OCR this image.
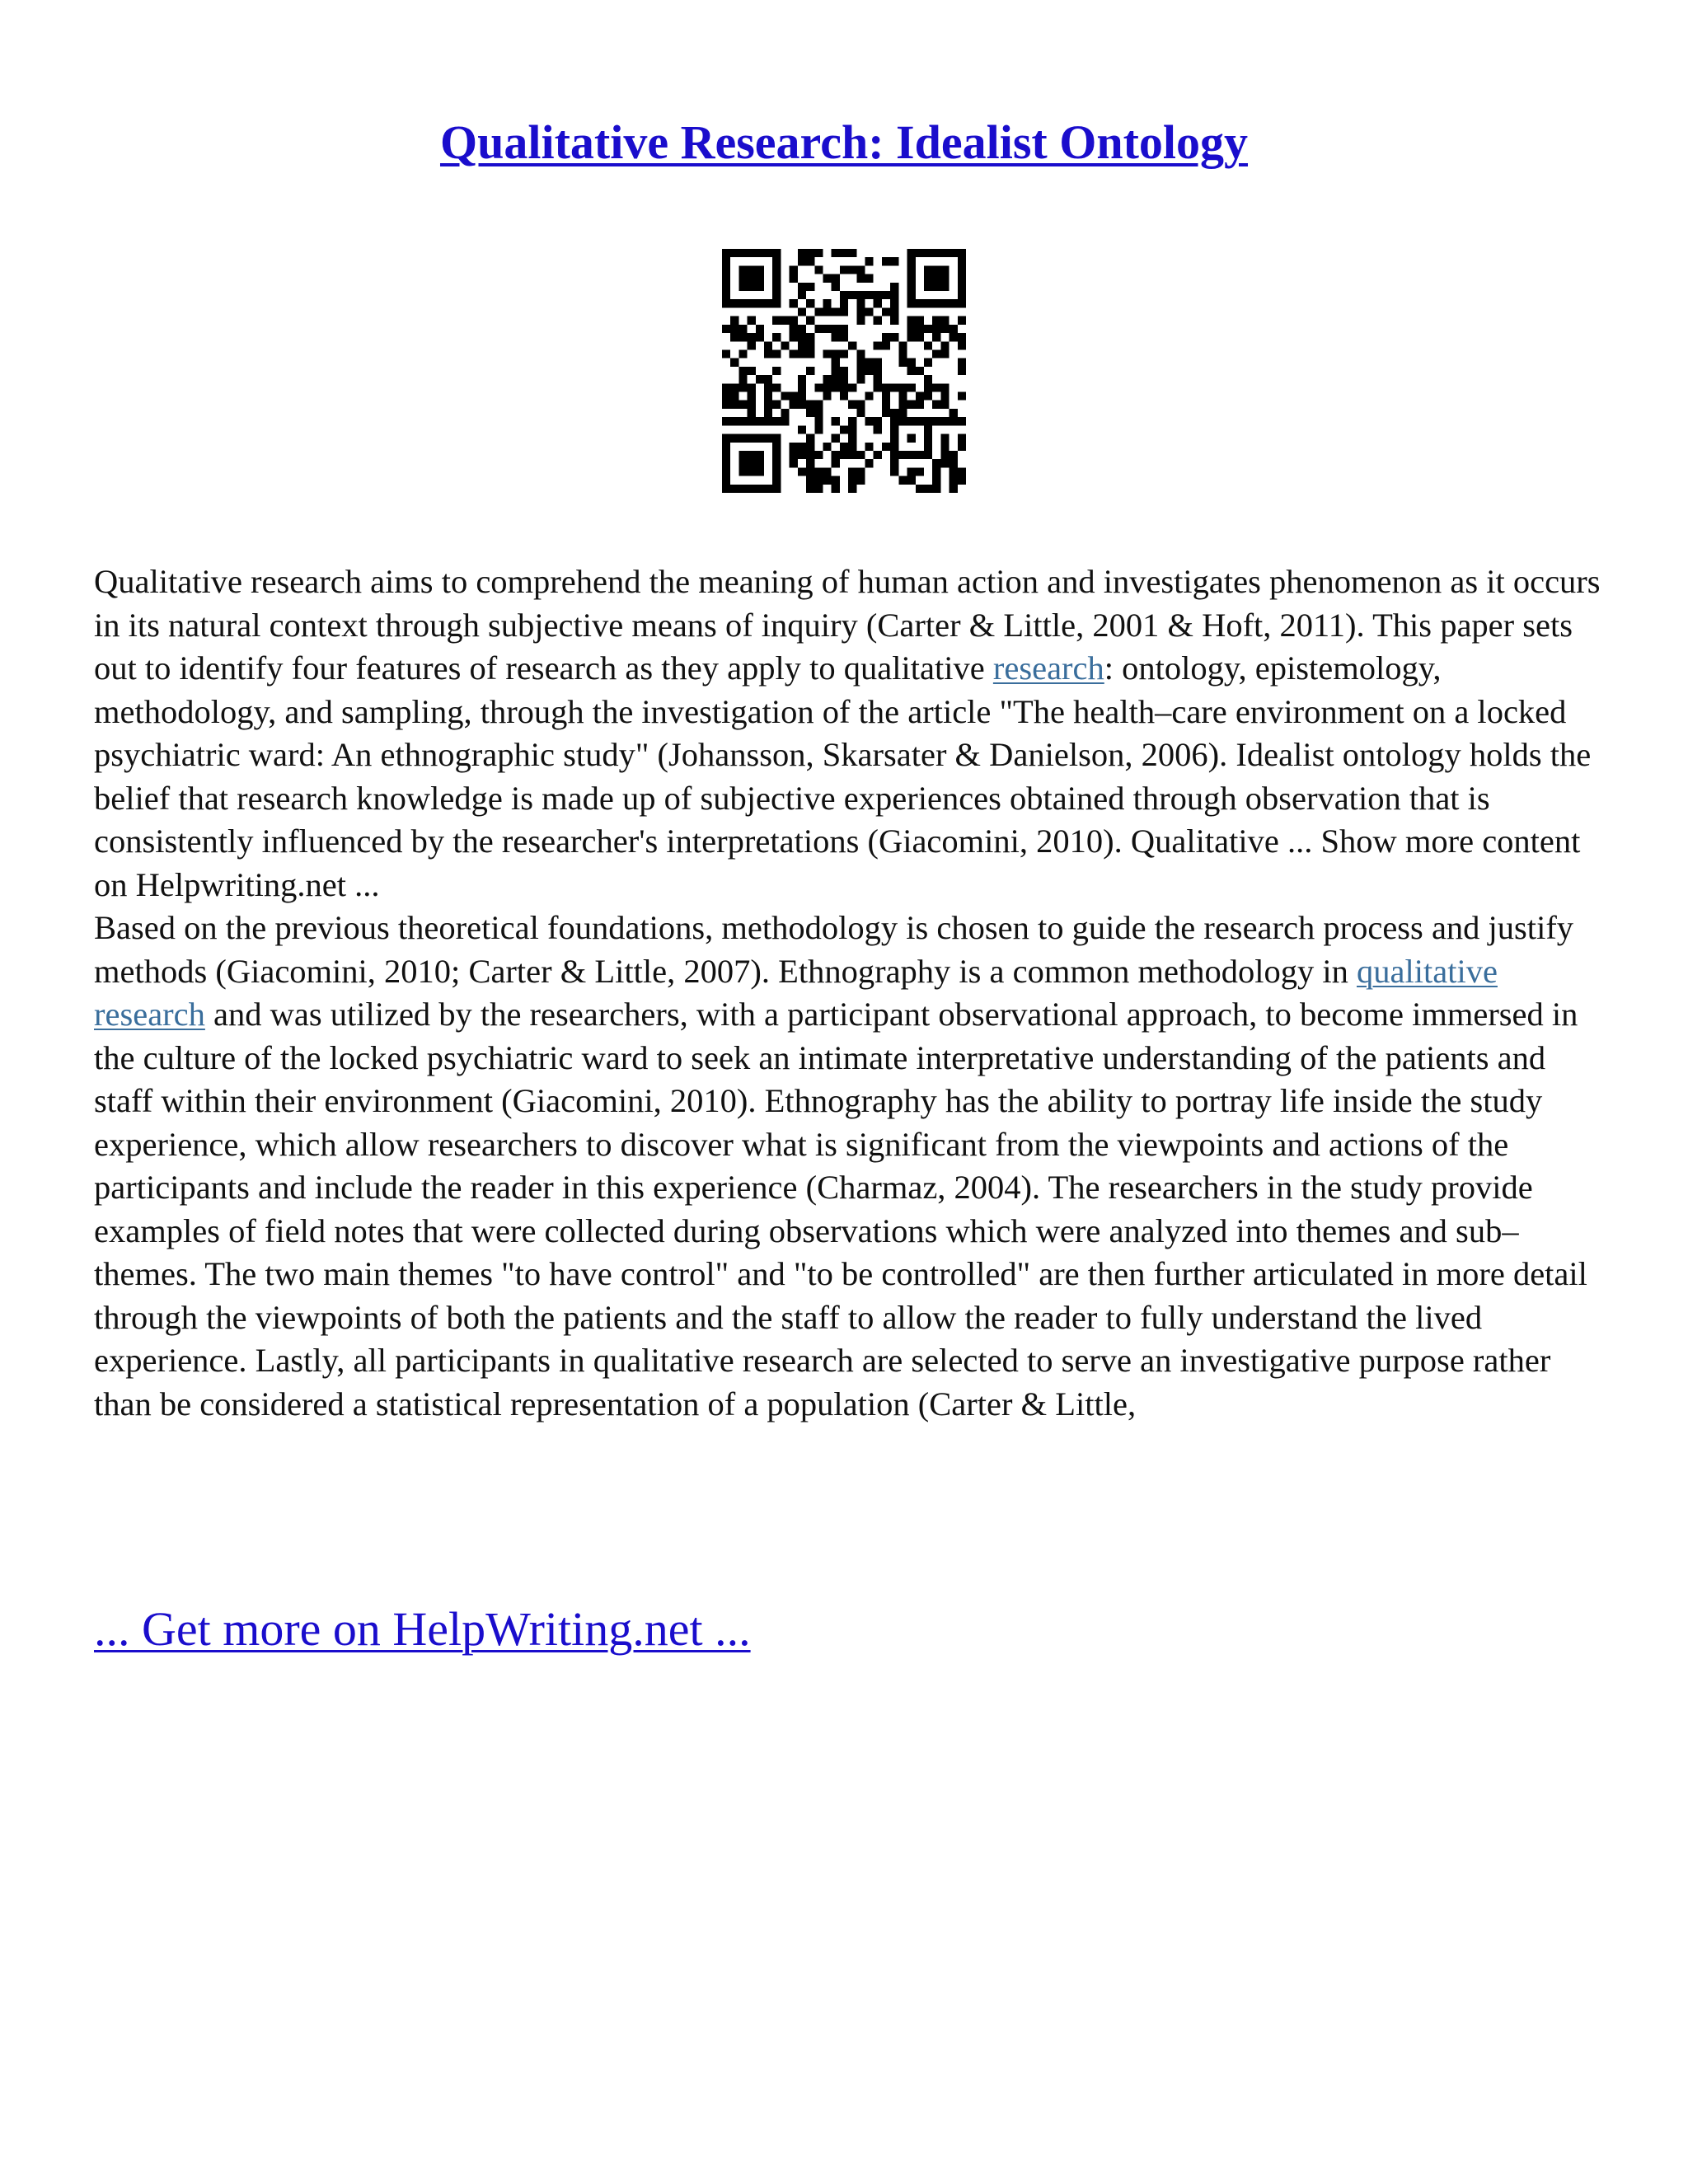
Qualitative Research: Idealist Ontology

Qualitative research aims to comprehend the meaning of human action and investigates phenomenon as it occurs in its natural context through subjective means of inquiry (Carter & Little, 2001 & Hoft, 2011). This paper sets out to identify four features of research as they apply to qualitative research: ontology, epistemology, methodology, and sampling, through the investigation of the article "The health–care environment on a locked psychiatric ward: An ethnographic study" (Johansson, Skarsater & Danielson, 2006). Idealist ontology holds the belief that research knowledge is made up of subjective experiences obtained through observation that is consistently influenced by the researcher's interpretations (Giacomini, 2010). Qualitative ... Show more content on Helpwriting.net ...

Based on the previous theoretical foundations, methodology is chosen to guide the research process and justify methods (Giacomini, 2010; Carter & Little, 2007). Ethnography is a common methodology in qualitative research and was utilized by the researchers, with a participant observational approach, to become immersed in the culture of the locked psychiatric ward to seek an intimate interpretative understanding of the patients and staff within their environment (Giacomini, 2010). Ethnography has the ability to portray life inside the study experience, which allow researchers to discover what is significant from the viewpoints and actions of the participants and include the reader in this experience (Charmaz, 2004). The researchers in the study provide examples of field notes that were collected during observations which were analyzed into themes and sub–themes. The two main themes "to have control" and "to be controlled" are then further articulated in more detail through the viewpoints of both the patients and the staff to allow the reader to fully understand the lived experience. Lastly, all participants in qualitative research are selected to serve an investigative purpose rather than be considered a statistical representation of a population (Carter & Little,

... Get more on HelpWriting.net ...
